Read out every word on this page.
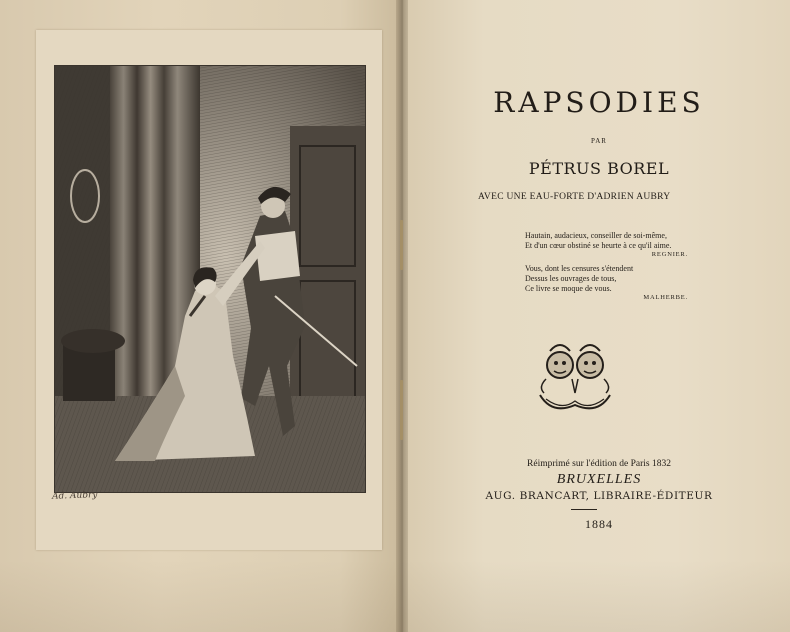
Ad. Aubry
RAPSODIES
PAR
PÉTRUS BOREL
AVEC UNE EAU-FORTE D'ADRIEN AUBRY
Hautain, audacieux, conseiller de soi-même,
Et d'un cœur obstiné se heurte à ce qu'il aime.
REGNIER.
Vous, dont les censures s'étendent
Dessus les ouvrages de tous,
Ce livre se moque de vous.
MALHERBE.
Réimprimé sur l'édition de Paris 1832
BRUXELLES
AUG. BRANCART, LIBRAIRE-ÉDITEUR
1884
